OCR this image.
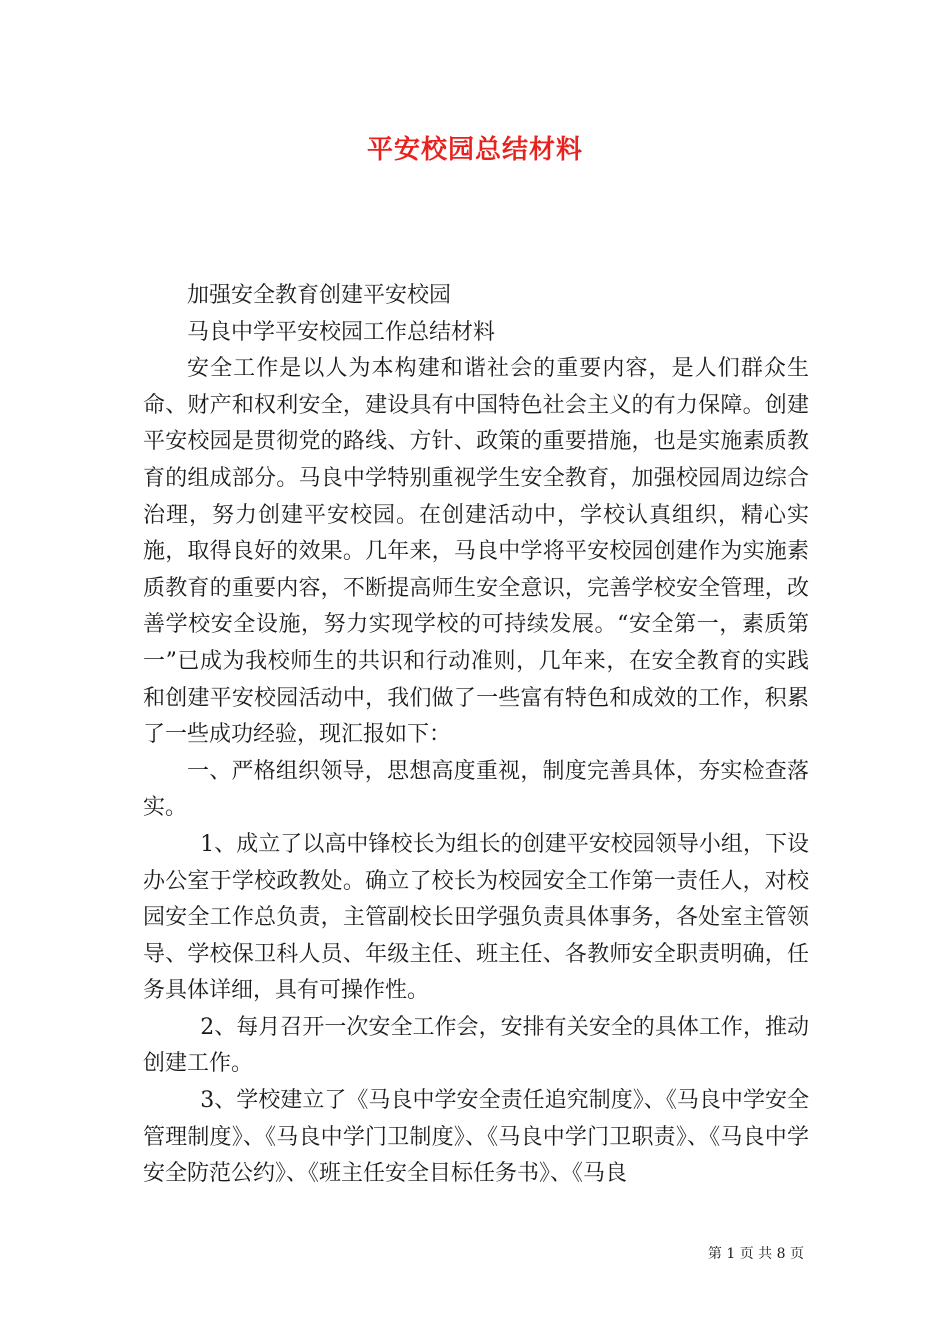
平安校园总结材料

加强安全教育创建平安校园

马良中学平安校园工作总结材料

安全工作是以人为本构建和谐社会的重要内容，是人们群众生命、财产和权利安全，建设具有中国特色社会主义的有力保障。创建平安校园是贯彻党的路线、方针、政策的重要措施，也是实施素质教育的组成部分。马良中学特别重视学生安全教育，加强校园周边综合治理，努力创建平安校园。在创建活动中，学校认真组织，精心实施，取得良好的效果。几年来，马良中学将平安校园创建作为实施素质教育的重要内容，不断提高师生安全意识，完善学校安全管理，改善学校安全设施，努力实现学校的可持续发展。“安全第一，素质第一”已成为我校师生的共识和行动准则，几年来，在安全教育的实践和创建平安校园活动中，我们做了一些富有特色和成效的工作，积累了一些成功经验，现汇报如下：

一、严格组织领导，思想高度重视，制度完善具体，夯实检查落实。

1、成立了以高中锋校长为组长的创建平安校园领导小组，下设办公室于学校政教处。确立了校长为校园安全工作第一责任人，对校园安全工作总负责，主管副校长田学强负责具体事务，各处室主管领导、学校保卫科人员、年级主任、班主任、各教师安全职责明确，任务具体详细，具有可操作性。

2、每月召开一次安全工作会，安排有关安全的具体工作，推动创建工作。

3、学校建立了《马良中学安全责任追究制度》、《马良中学安全管理制度》、《马良中学门卫制度》、《马良中学门卫职责》、《马良中学安全防范公约》、《班主任安全目标任务书》、《马良

第 1 页 共 8 页
